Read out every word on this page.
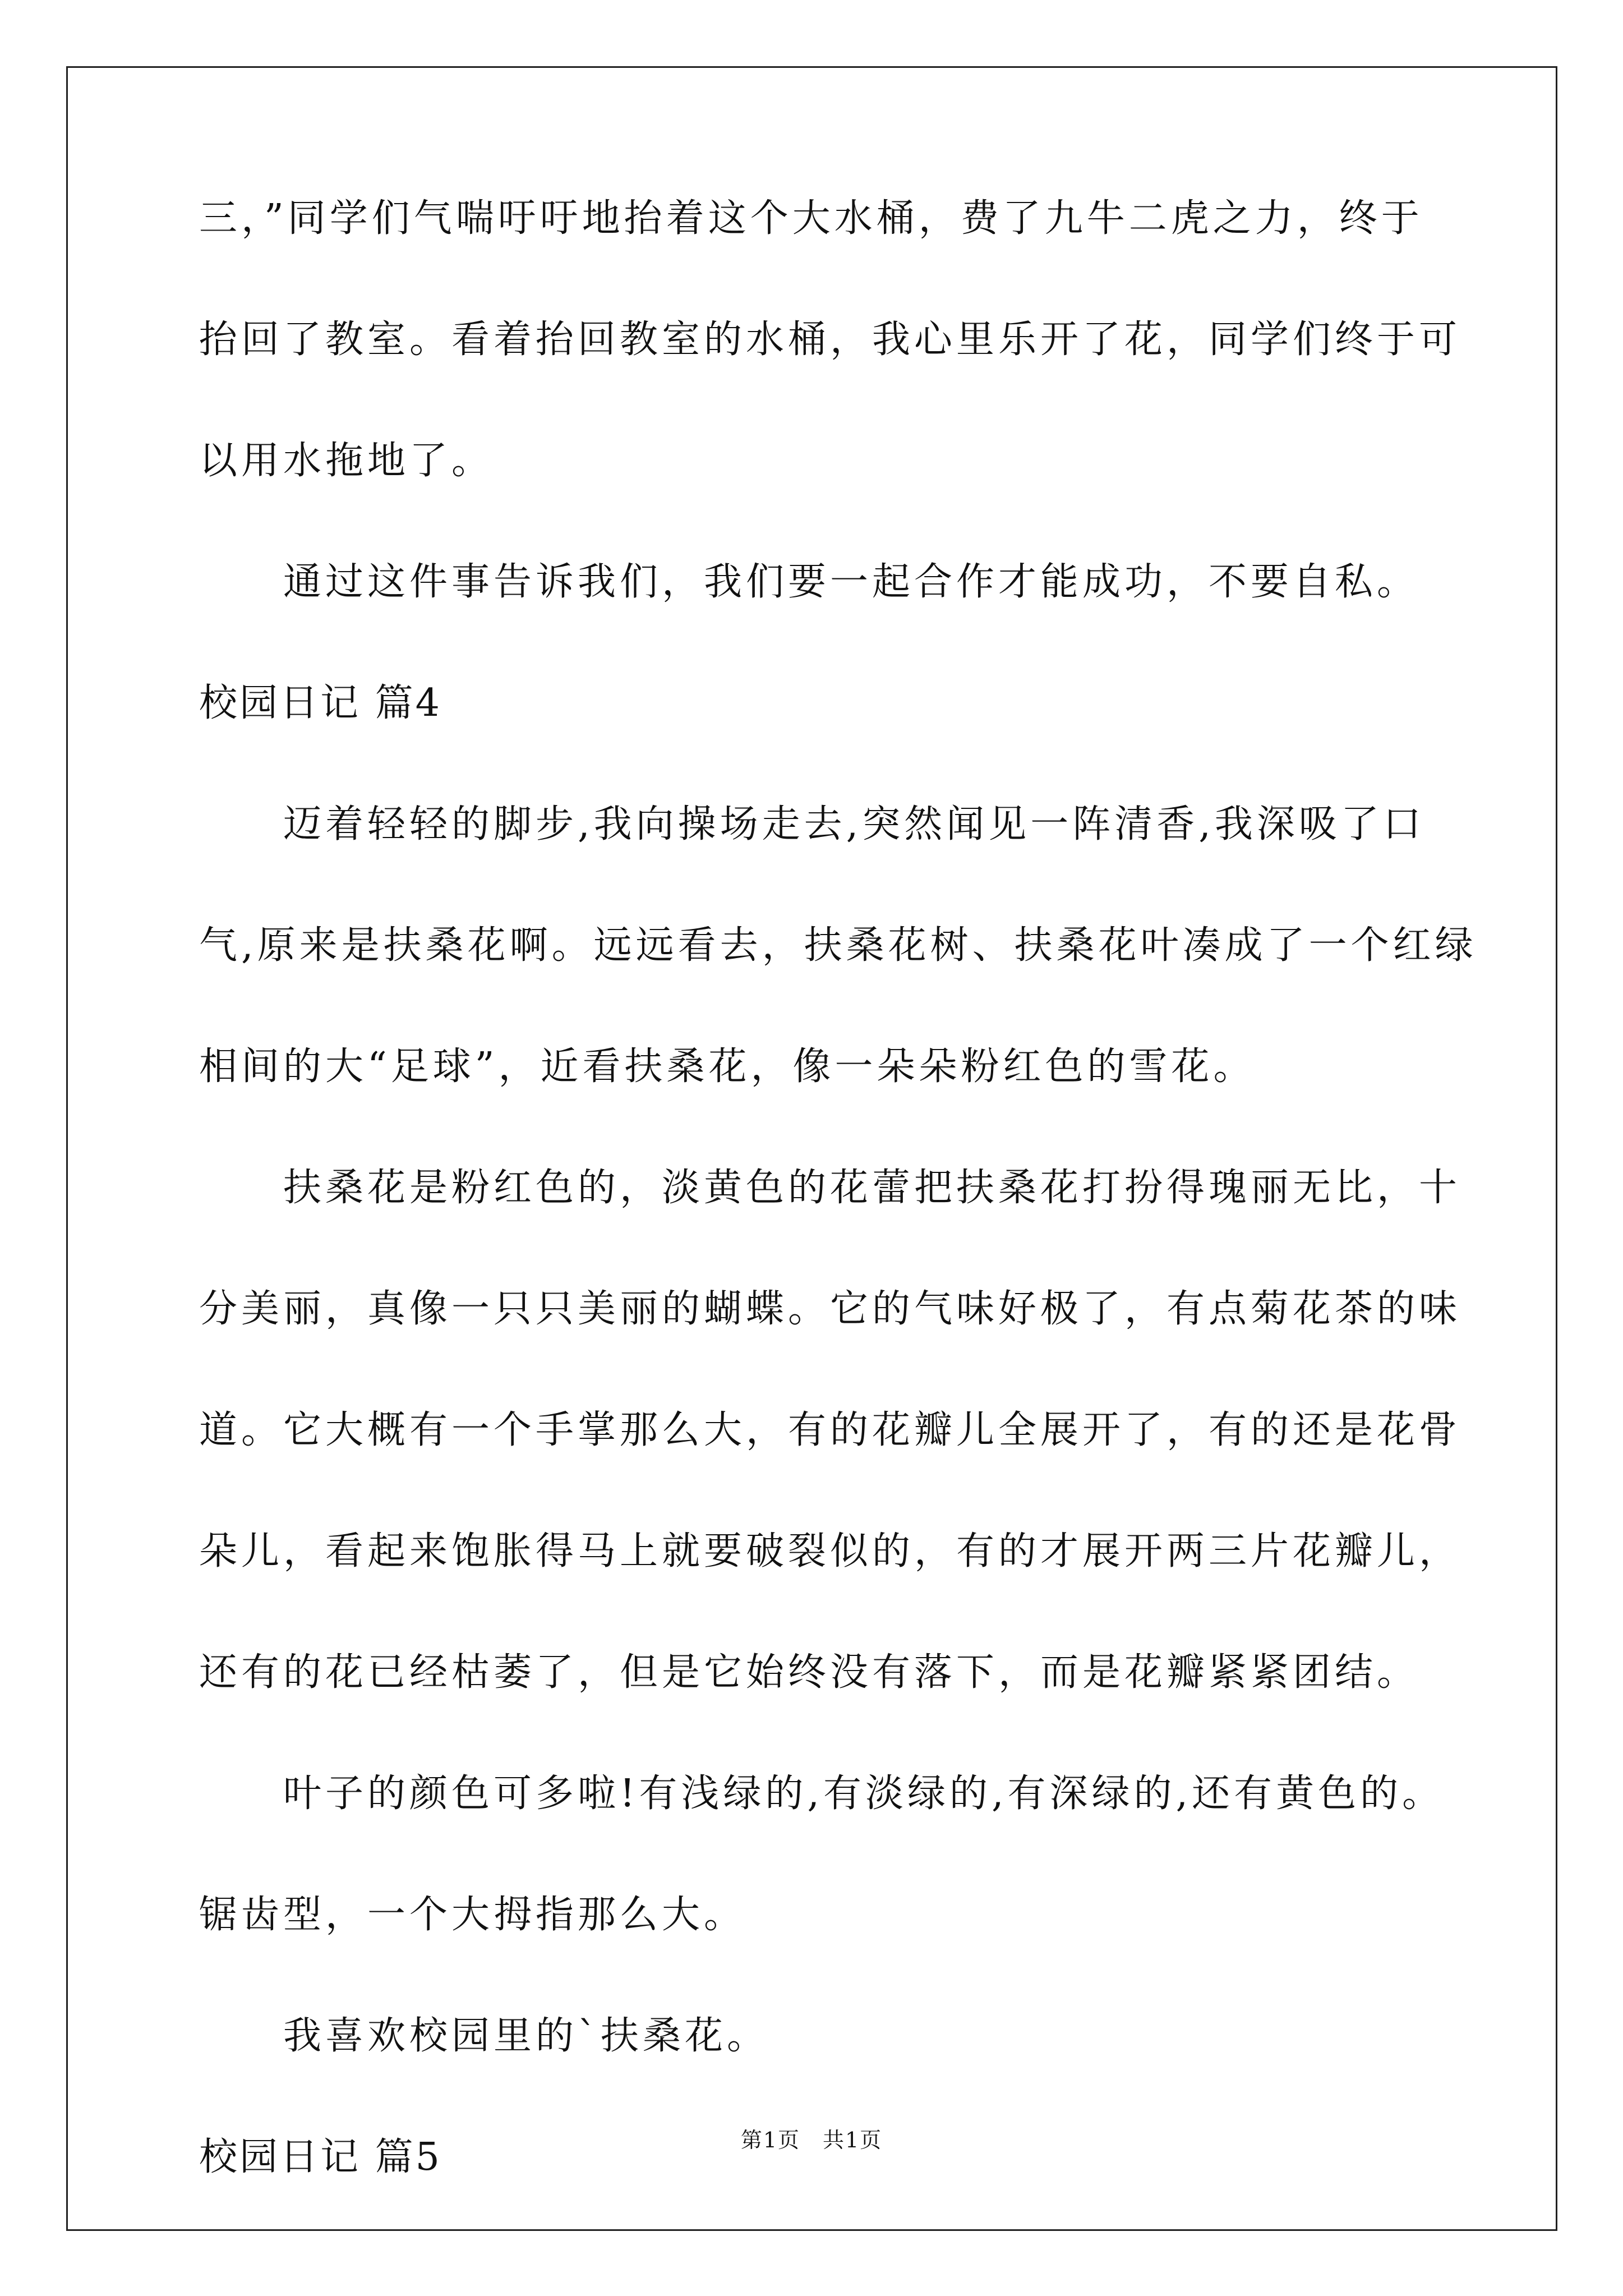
三，”同学们气喘吁吁地抬着这个大水桶，费了九牛二虎之力，终于

抬回了教室。看着抬回教室的水桶，我心里乐开了花，同学们终于可

以用水拖地了。

通过这件事告诉我们，我们要一起合作才能成功，不要自私。

校园日记 篇4

迈着轻轻的脚步,我向操场走去,突然闻见一阵清香,我深吸了口

气,原来是扶桑花啊。远远看去，扶桑花树、扶桑花叶凑成了一个红绿

相间的大“足球”，近看扶桑花，像一朵朵粉红色的雪花。

扶桑花是粉红色的，淡黄色的花蕾把扶桑花打扮得瑰丽无比，十

分美丽，真像一只只美丽的蝴蝶。它的气味好极了，有点菊花茶的味

道。它大概有一个手掌那么大，有的花瓣儿全展开了，有的还是花骨

朵儿，看起来饱胀得马上就要破裂似的，有的才展开两三片花瓣儿，

还有的花已经枯萎了，但是它始终没有落下，而是花瓣紧紧团结。

叶子的颜色可多啦!有浅绿的,有淡绿的,有深绿的,还有黄色的。

锯齿型，一个大拇指那么大。

我喜欢校园里的`扶桑花。

校园日记 篇5	第1页　共1页
